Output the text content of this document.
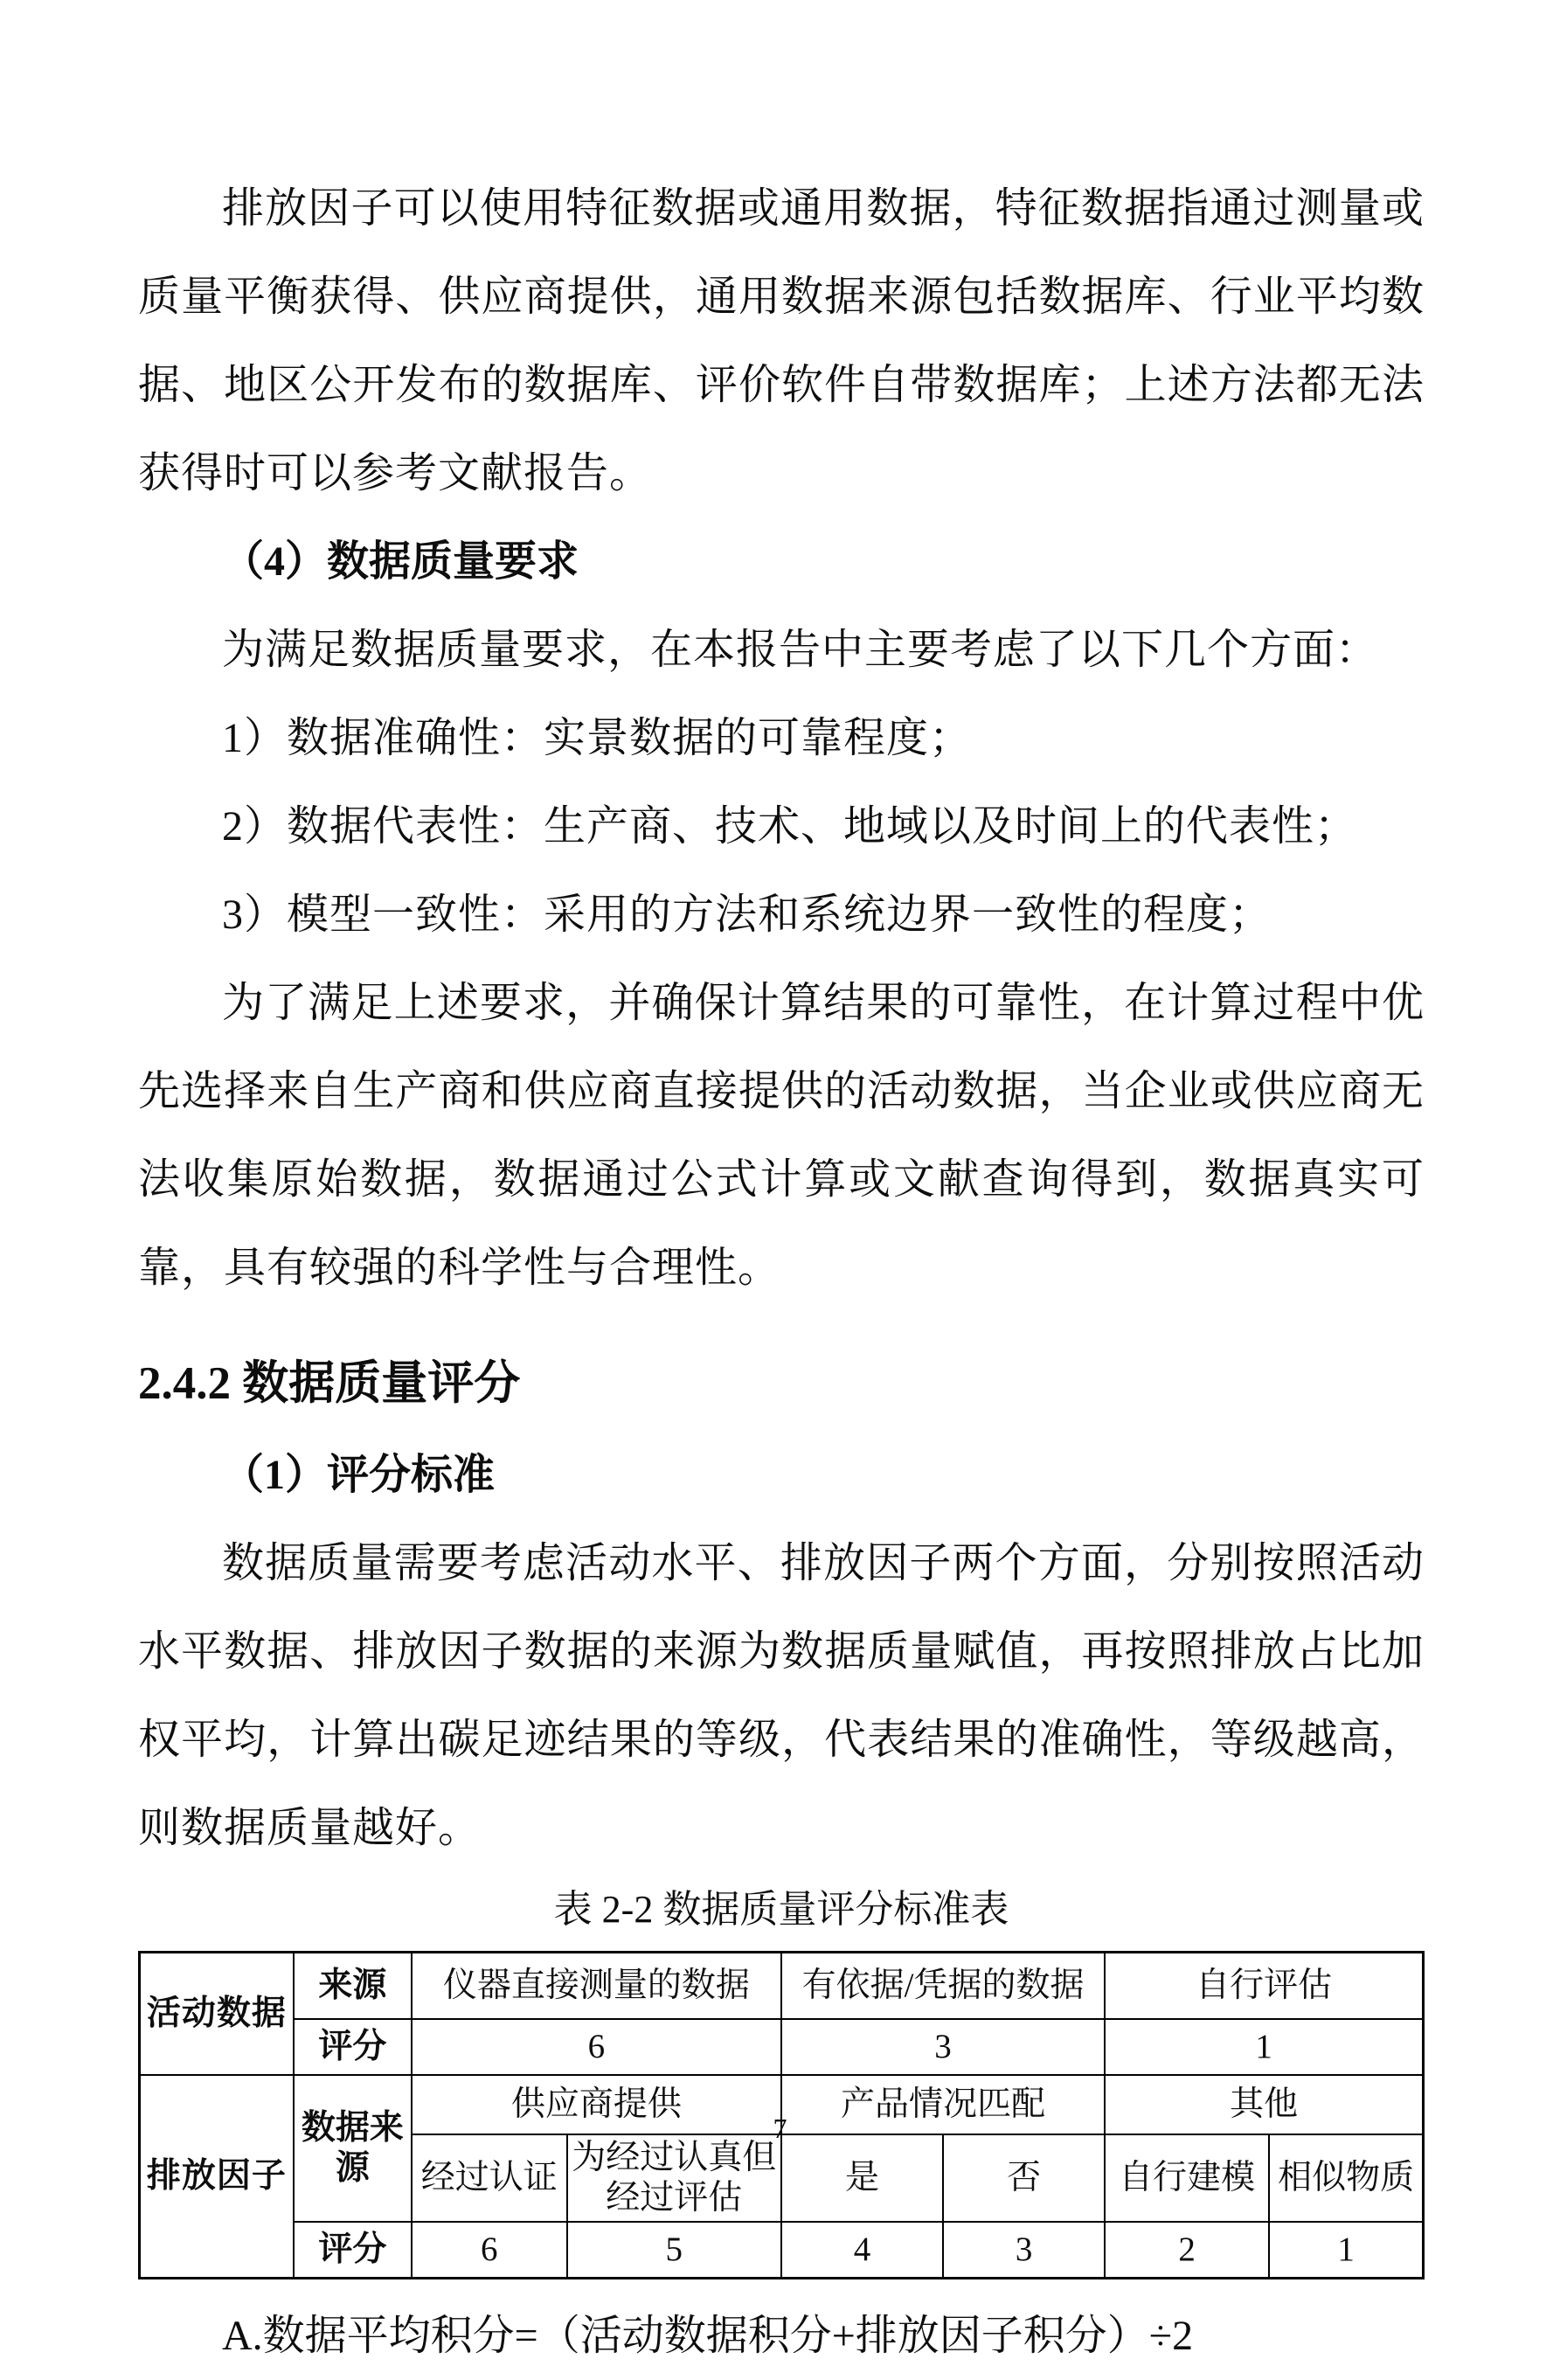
排放因子可以使用特征数据或通用数据，特征数据指通过测量或质量平衡获得、供应商提供，通用数据来源包括数据库、行业平均数据、地区公开发布的数据库、评价软件自带数据库；上述方法都无法获得时可以参考文献报告。

（4）数据质量要求

为满足数据质量要求，在本报告中主要考虑了以下几个方面：

1）数据准确性：实景数据的可靠程度；

2）数据代表性：生产商、技术、地域以及时间上的代表性；

3）模型一致性：采用的方法和系统边界一致性的程度；

为了满足上述要求，并确保计算结果的可靠性，在计算过程中优先选择来自生产商和供应商直接提供的活动数据，当企业或供应商无法收集原始数据，数据通过公式计算或文献查询得到，数据真实可靠，具有较强的科学性与合理性。

2.4.2 数据质量评分
（1）评分标准

数据质量需要考虑活动水平、排放因子两个方面，分别按照活动水平数据、排放因子数据的来源为数据质量赋值，再按照排放占比加权平均，计算出碳足迹结果的等级，代表结果的准确性，等级越高，则数据质量越好。

表 2-2 数据质量评分标准表
活动数据	来源	仪器直接测量的数据		有依据/凭据的数据		自行评估	
	评分	6		3		1	
排放因子	数据来源	供应商提供		产品情况匹配		其他	
		经过认证	为经过认真但经过评估	是	否	自行建模	相似物质
	评分	6	5	4	3	2	1

A.数据平均积分=（活动数据积分+排放因子积分）÷2

7
